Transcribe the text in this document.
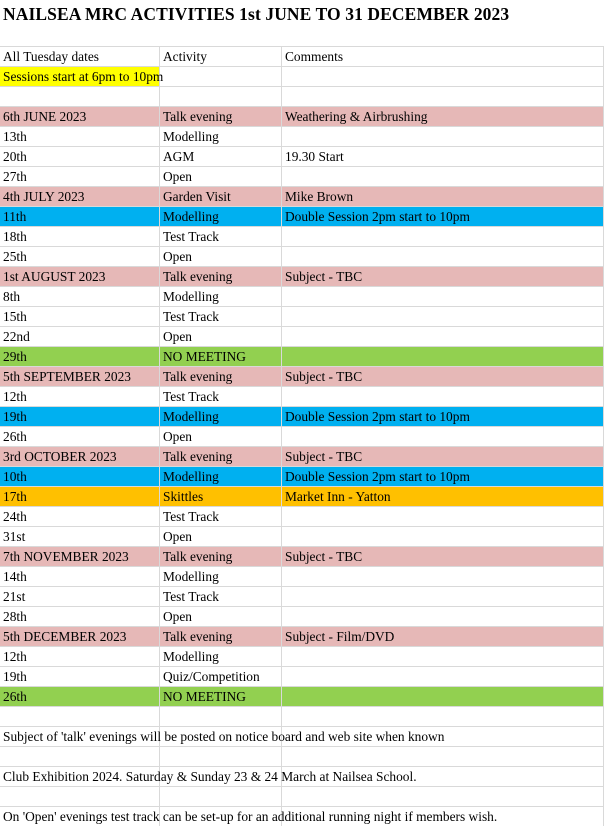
NAILSEA MRC ACTIVITIES 1st JUNE TO 31 DECEMBER 2023
All Tuesday dates	Activity	Comments
Sessions start at 6pm to 10pm		

6th JUNE 2023	Talk evening	Weathering & Airbrushing
13th	Modelling	
20th	AGM	19.30 Start
27th	Open	
4th JULY 2023	Garden Visit	Mike Brown
11th	Modelling	Double Session 2pm start to 10pm
18th	Test Track	
25th	Open	
1st AUGUST 2023	Talk evening	Subject - TBC
8th	Modelling	
15th	Test Track	
22nd	Open	
29th	NO MEETING	
5th SEPTEMBER 2023	Talk evening	Subject - TBC
12th	Test Track	
19th	Modelling	Double Session 2pm start to 10pm
26th	Open	
3rd OCTOBER 2023	Talk evening	Subject - TBC
10th	Modelling	Double Session 2pm start to 10pm
17th	Skittles	Market Inn - Yatton
24th	Test Track	
31st	Open	
7th NOVEMBER 2023	Talk evening	Subject - TBC
14th	Modelling	
21st	Test Track	
28th	Open	
5th DECEMBER 2023	Talk evening	Subject - Film/DVD
12th	Modelling	
19th	Quiz/Competition	
26th	NO MEETING	

Subject of 'talk' evenings will be posted on notice board and web site when known		

Club Exhibition 2024. Saturday & Sunday 23 & 24 March at Nailsea School.		

On 'Open' evenings test track can be set-up for an additional running night if members wish.		
